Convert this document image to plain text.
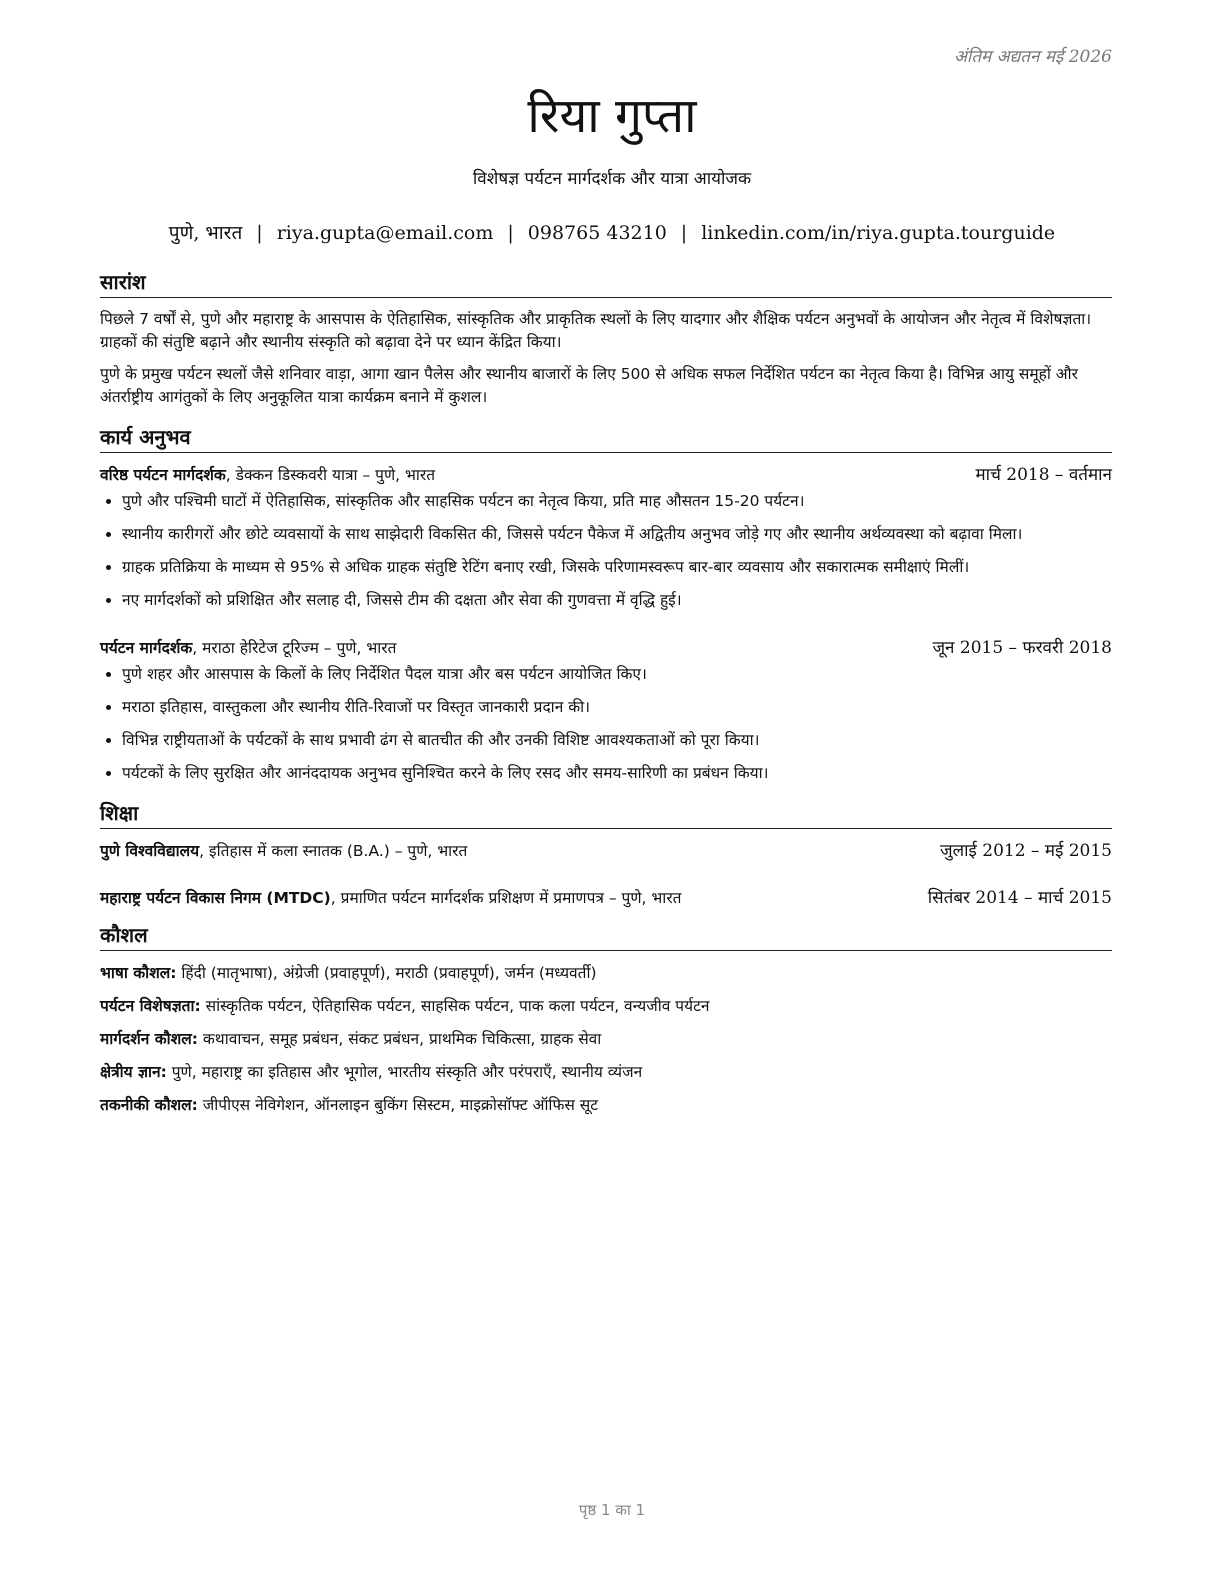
अंतिम अद्यतन मई 2026
रिया गुप्ता
विशेषज्ञ पर्यटन मार्गदर्शक और यात्रा आयोजक
पुणे, भारत | riya.gupta@email.com | 098765 43210 | linkedin.com/in/riya.gupta.tourguide
सारांश

पिछले 7 वर्षों से, पुणे और महाराष्ट्र के आसपास के ऐतिहासिक, सांस्कृतिक और प्राकृतिक स्थलों के लिए यादगार और शैक्षिक पर्यटन अनुभवों के आयोजन और नेतृत्व में विशेषज्ञता। ग्राहकों की संतुष्टि बढ़ाने और स्थानीय संस्कृति को बढ़ावा देने पर ध्यान केंद्रित किया।

पुणे के प्रमुख पर्यटन स्थलों जैसे शनिवार वाड़ा, आगा खान पैलेस और स्थानीय बाजारों के लिए 500 से अधिक सफल निर्देशित पर्यटन का नेतृत्व किया है। विभिन्न आयु समूहों और अंतर्राष्ट्रीय आगंतुकों के लिए अनुकूलित यात्रा कार्यक्रम बनाने में कुशल।

कार्य अनुभव
वरिष्ठ पर्यटन मार्गदर्शक, डेक्कन डिस्कवरी यात्रा – पुणे, भारत	मार्च 2018 – वर्तमान
• पुणे और पश्चिमी घाटों में ऐतिहासिक, सांस्कृतिक और साहसिक पर्यटन का नेतृत्व किया, प्रति माह औसतन 15-20 पर्यटन।
• स्थानीय कारीगरों और छोटे व्यवसायों के साथ साझेदारी विकसित की, जिससे पर्यटन पैकेज में अद्वितीय अनुभव जोड़े गए और स्थानीय अर्थव्यवस्था को बढ़ावा मिला।
• ग्राहक प्रतिक्रिया के माध्यम से 95% से अधिक ग्राहक संतुष्टि रेटिंग बनाए रखी, जिसके परिणामस्वरूप बार-बार व्यवसाय और सकारात्मक समीक्षाएं मिलीं।
• नए मार्गदर्शकों को प्रशिक्षित और सलाह दी, जिससे टीम की दक्षता और सेवा की गुणवत्ता में वृद्धि हुई।
पर्यटन मार्गदर्शक, मराठा हेरिटेज टूरिज्म – पुणे, भारत	जून 2015 – फरवरी 2018
• पुणे शहर और आसपास के किलों के लिए निर्देशित पैदल यात्रा और बस पर्यटन आयोजित किए।
• मराठा इतिहास, वास्तुकला और स्थानीय रीति-रिवाजों पर विस्तृत जानकारी प्रदान की।
• विभिन्न राष्ट्रीयताओं के पर्यटकों के साथ प्रभावी ढंग से बातचीत की और उनकी विशिष्ट आवश्यकताओं को पूरा किया।
• पर्यटकों के लिए सुरक्षित और आनंददायक अनुभव सुनिश्चित करने के लिए रसद और समय-सारिणी का प्रबंधन किया।
शिक्षा
पुणे विश्वविद्यालय, इतिहास में कला स्नातक (B.A.) – पुणे, भारत	जुलाई 2012 – मई 2015
महाराष्ट्र पर्यटन विकास निगम (MTDC), प्रमाणित पर्यटन मार्गदर्शक प्रशिक्षण में प्रमाणपत्र – पुणे, भारत	सितंबर 2014 – मार्च 2015
कौशल
भाषा कौशल: हिंदी (मातृभाषा), अंग्रेजी (प्रवाहपूर्ण), मराठी (प्रवाहपूर्ण), जर्मन (मध्यवर्ती)
पर्यटन विशेषज्ञता: सांस्कृतिक पर्यटन, ऐतिहासिक पर्यटन, साहसिक पर्यटन, पाक कला पर्यटन, वन्यजीव पर्यटन
मार्गदर्शन कौशल: कथावाचन, समूह प्रबंधन, संकट प्रबंधन, प्राथमिक चिकित्सा, ग्राहक सेवा
क्षेत्रीय ज्ञान: पुणे, महाराष्ट्र का इतिहास और भूगोल, भारतीय संस्कृति और परंपराएँ, स्थानीय व्यंजन
तकनीकी कौशल: जीपीएस नेविगेशन, ऑनलाइन बुकिंग सिस्टम, माइक्रोसॉफ्ट ऑफिस सूट
पृष्ठ 1 का 1
